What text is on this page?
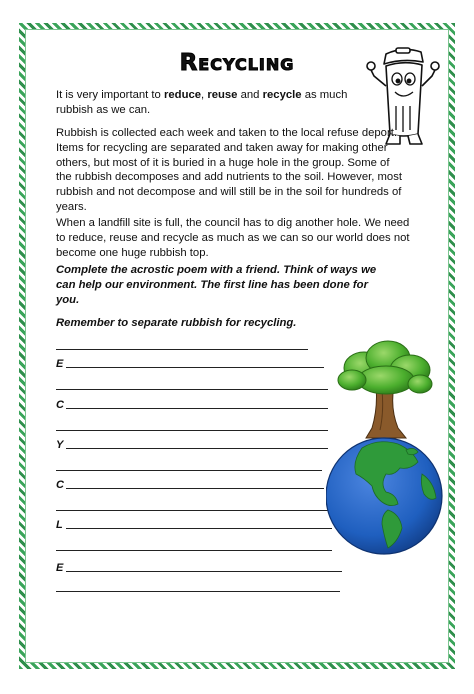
Recycling
It is very important to reduce, reuse and recycle as much rubbish as we can.
Rubbish is collected each week and taken to the local refuse deport. Items for recycling are separated and taken away for making other others, but most of it is buried in a huge hole in the group. Some of the rubbish decomposes and add nutrients to the soil. However, most rubbish and not decompose and will still be in the soil for hundreds of years.
When a landfill site is full, the council has to dig another hole. We need to reduce, reuse and recycle as much as we can so our world does not become one huge rubbish top.
Complete the acrostic poem with a friend. Think of ways we can help our environment. The first line has been done for you.
Remember to separate rubbish for recycling.
E
C
Y
C
L
E
